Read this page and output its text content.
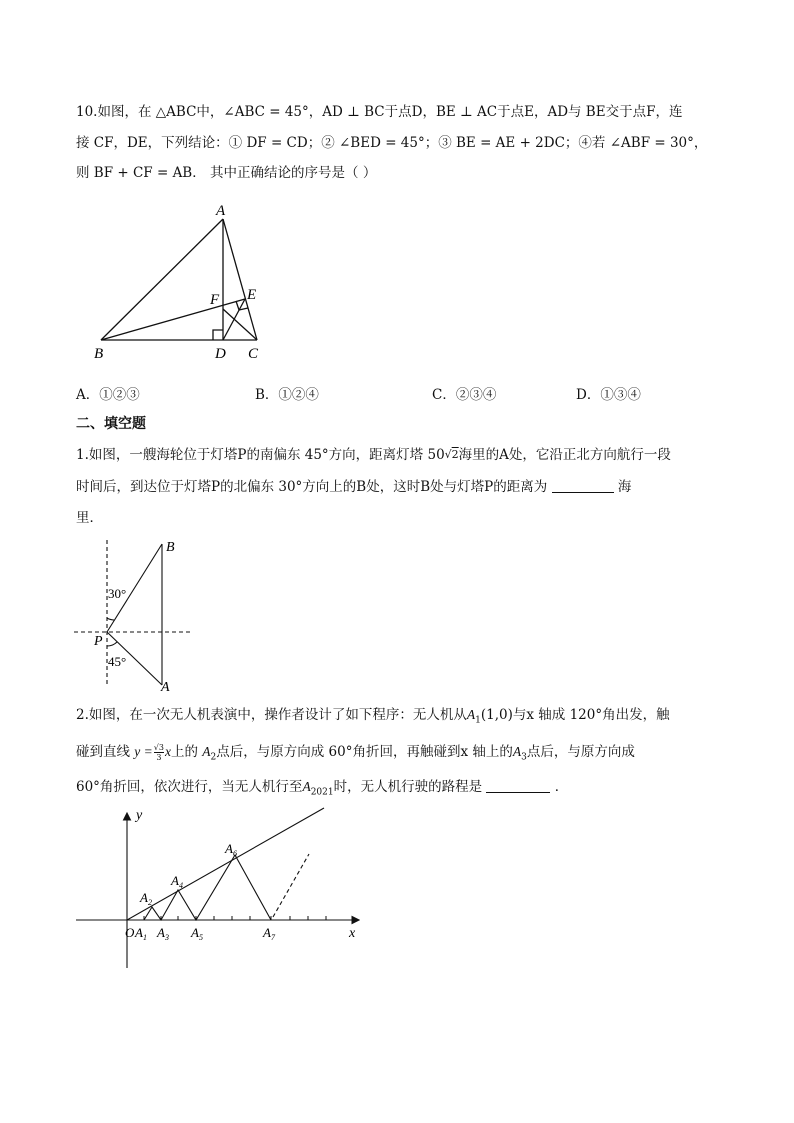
10.如图，在 △ABC中，∠ABC = 45°，AD ⊥ BC于点D，BE ⊥ AC于点E，AD与 BE交于点F，连
接 CF，DE，下列结论：① DF = CD；② ∠BED = 45°；③ BE = AE + 2DC；④若 ∠ABF = 30°，
则 BF + CF = AB． 其中正确结论的序号是（ ）
A
B	D C
F E
A．①②③	B．①②④	C．②③④	D．①③④
二、填空题
1.如图，一艘海轮位于灯塔P的南偏东 45°方向，距离灯塔 50√2海里的A处，它沿正北方向航行一段
时间后，到达位于灯塔P的北偏东 30°方向上的B处，这时B处与灯塔P的距离为	海
里．
B
P
A
30°
45°
2.如图，在一次无人机表演中，操作者设计了如下程序：无人机从$A_1(1,0)$与x 轴成 120°角出发，触
碰到直线 $y = \frac{√3}{3}$ x上的 $A_2$点后，与原方向成 60°角折回，再触碰到x 轴上的$A_3$点后，与原方向成
60°角折回，依次进行，当无人机行至$A_{2021}$时，无人机行驶的路程是	．
y
x
O $A_1$
$A_2$
$A_3$
$A_4$
$A_5$
$A_6$
$A_7$
